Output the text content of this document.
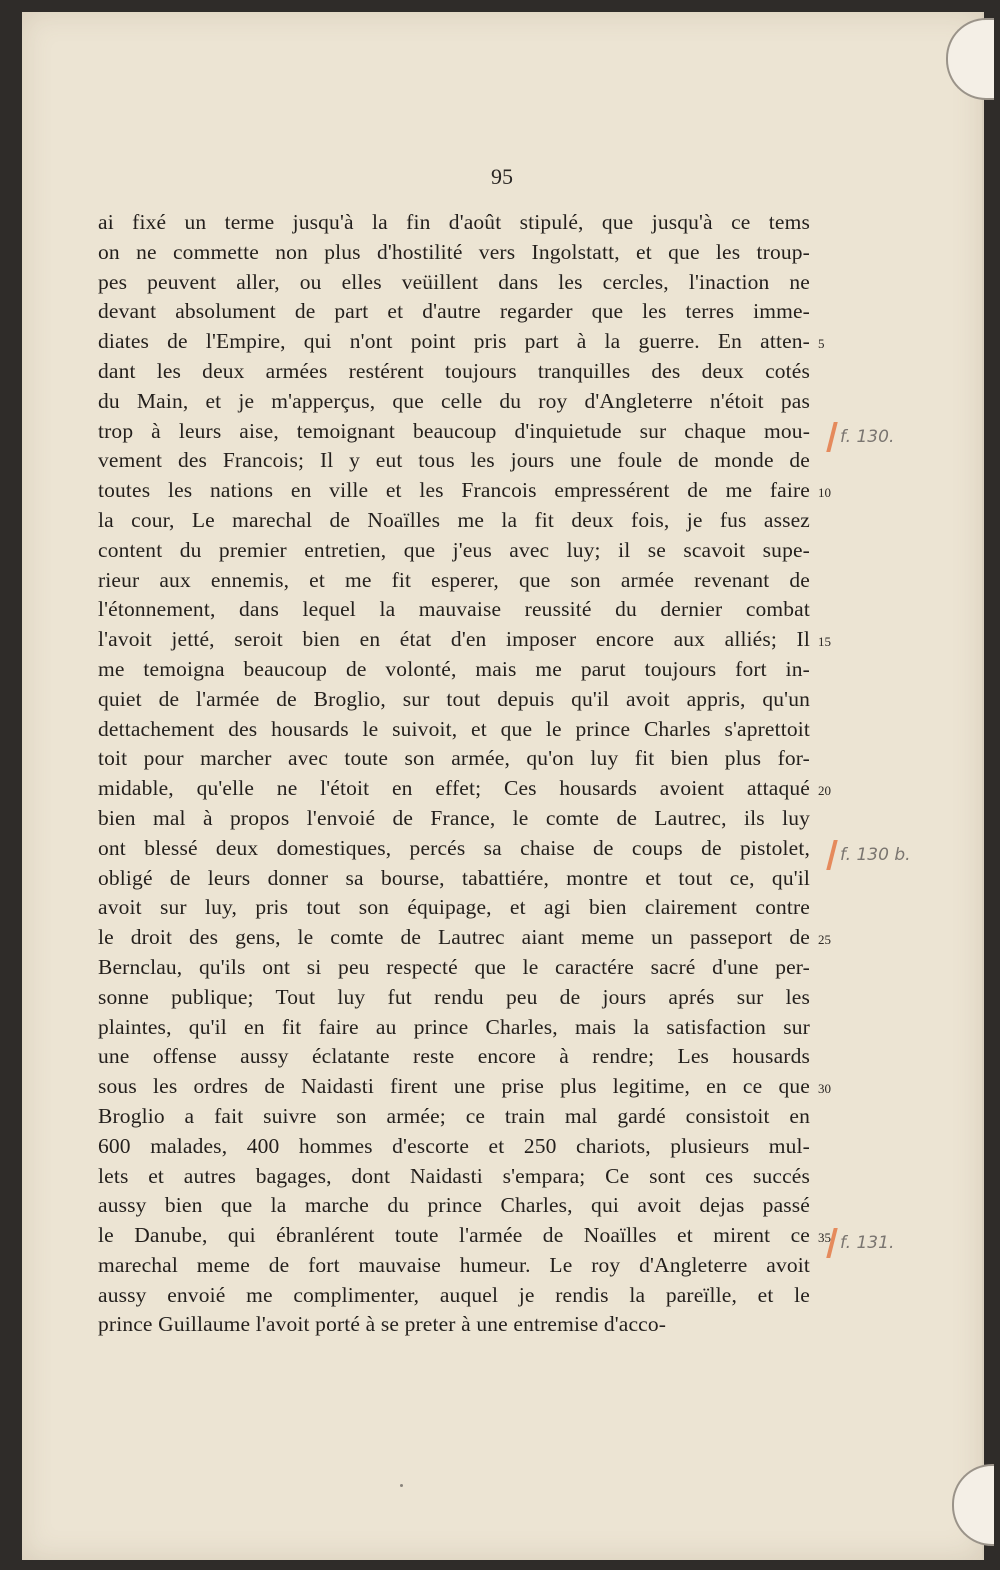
95
ai fixé un terme jusqu'à la fin d'août stipulé, que jusqu'à ce tems
on ne commette non plus d'hostilité vers Ingolstatt, et que les troup-
pes peuvent aller, ou elles veüillent dans les cercles, l'inaction ne
devant absolument de part et d'autre regarder que les terres imme-
diates de l'Empire, qui n'ont point pris part à la guerre. En atten- 5
dant les deux armées restérent toujours tranquilles des deux cotés
du Main, et je m'apperçus, que celle du roy d'Angleterre n'étoit pas
trop à leurs aise, temoignant beaucoup d'inquietude sur chaque mou-
vement des Francois; Il y eut tous les jours une foule de monde de
toutes les nations en ville et les Francois empressérent de me faire 10
la cour, Le marechal de Noaïlles me la fit deux fois, je fus assez
content du premier entretien, que j'eus avec luy; il se scavoit supe-
rieur aux ennemis, et me fit esperer, que son armée revenant de
l'étonnement, dans lequel la mauvaise reussité du dernier combat
l'avoit jetté, seroit bien en état d'en imposer encore aux alliés; Il 15
me temoigna beaucoup de volonté, mais me parut toujours fort in-
quiet de l'armée de Broglio, sur tout depuis qu'il avoit appris, qu'un
dettachement des housards le suivoit, et que le prince Charles s'aprettoit
toit pour marcher avec toute son armée, qu'on luy fit bien plus for-
midable, qu'elle ne l'étoit en effet; Ces housards avoient attaqué 20
bien mal à propos l'envoié de France, le comte de Lautrec, ils luy
ont blessé deux domestiques, percés sa chaise de coups de pistolet,
obligé de leurs donner sa bourse, tabattiére, montre et tout ce, qu'il
avoit sur luy, pris tout son équipage, et agi bien clairement contre
le droit des gens, le comte de Lautrec aiant meme un passeport de 25
Bernclau, qu'ils ont si peu respecté que le caractére sacré d'une per-
sonne publique; Tout luy fut rendu peu de jours aprés sur les
plaintes, qu'il en fit faire au prince Charles, mais la satisfaction sur
une offense aussy éclatante reste encore à rendre; Les housards
sous les ordres de Naidasti firent une prise plus legitime, en ce que 30
Broglio a fait suivre son armée; ce train mal gardé consistoit en
600 malades, 400 hommes d'escorte et 250 chariots, plusieurs mul-
lets et autres bagages, dont Naidasti s'empara; Ce sont ces succés
aussy bien que la marche du prince Charles, qui avoit dejas passé
le Danube, qui ébranlérent toute l'armée de Noaïlles et mirent ce 35
marechal meme de fort mauvaise humeur. Le roy d'Angleterre avoit
aussy envoié me complimenter, auquel je rendis la pareïlle, et le
prince Guillaume l'avoit porté à se preter à une entremise d'acco-
f. 130.
f. 130 b.
f. 131.
